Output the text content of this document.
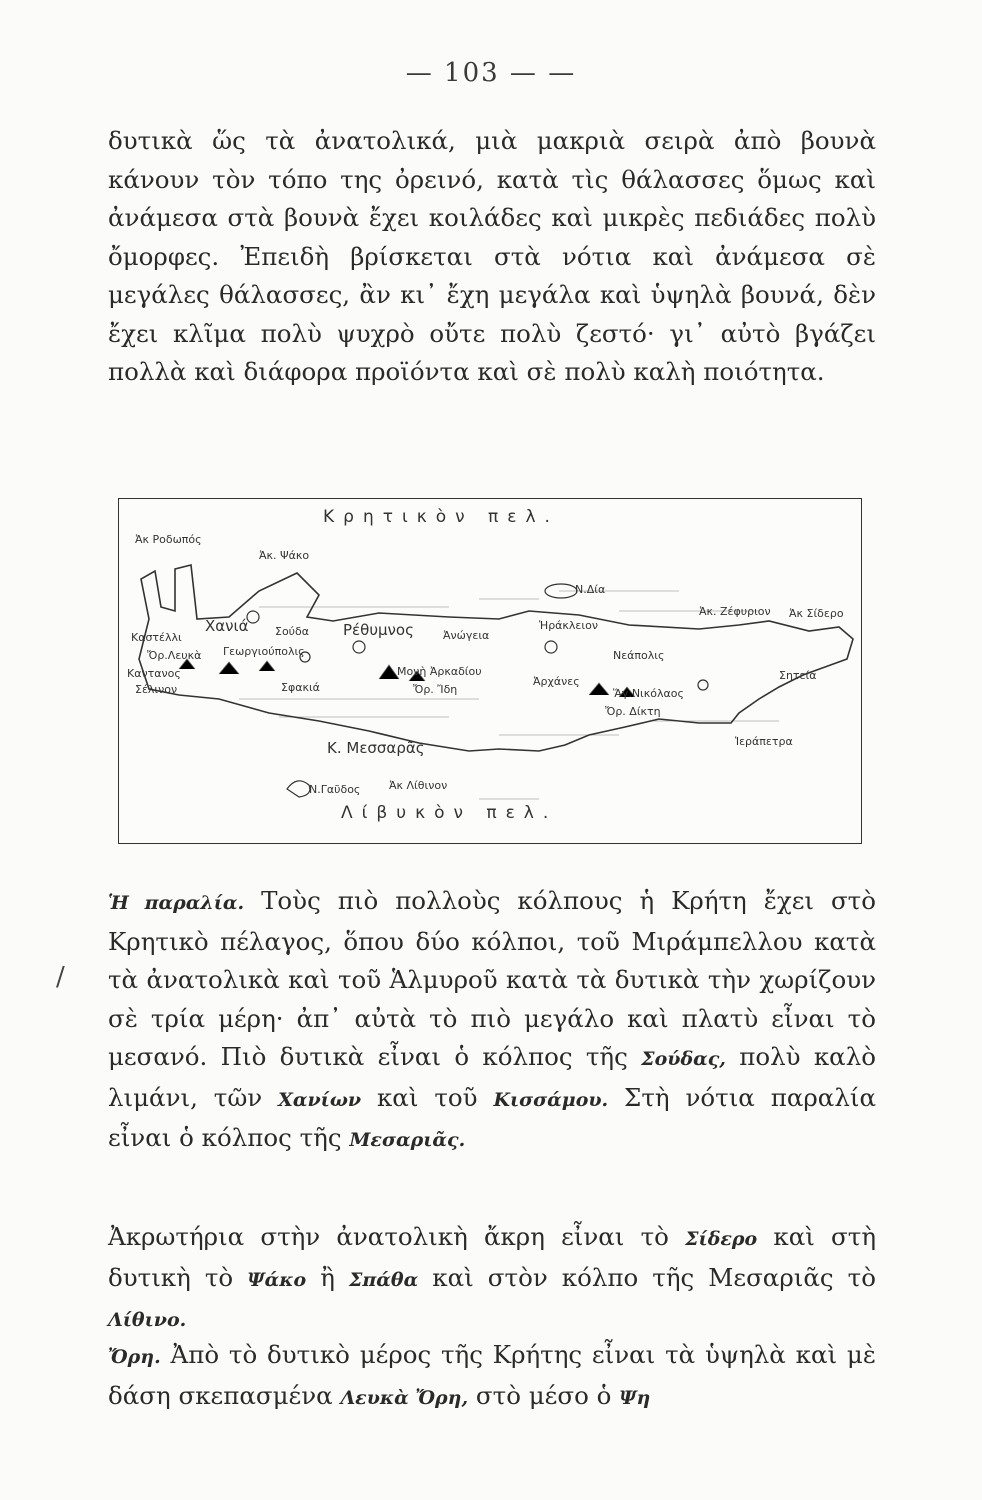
— 103 — —

δυτικὰ ὥς τὰ ἀνατολικά, μιὰ μακριὰ σειρὰ ἀπὸ βουνὰ κάνουν τὸν τόπο της ὀρεινό, κατὰ τὶς θάλασσες ὅμως καὶ ἀνάμεσα στὰ βουνὰ ἔχει κοιλάδες καὶ μικρὲς πεδιάδες πολὺ ὄμορφες. Ἐπειδὴ βρίσκεται στὰ νότια καὶ ἀνάμεσα σὲ μεγάλες θάλασσες, ἂν κι᾿ ἔχη μεγάλα καὶ ὑψηλὰ βουνά, δὲν ἔχει κλῖμα πολὺ ψυχρὸ οὔτε πολὺ ζεστό· γι᾿ αὐτὸ βγάζει πολλὰ καὶ διάφορα προϊόντα καὶ σὲ πολὺ καλὴ ποιότητα.

Κρητικὸν πελ.
Λίβυκὸν πελ.
Ἀκ Ροδωπός
Ἀκ. Ψάκο
Χανιά Σούδα
Καστέλλι
Ὄρ.Λευκὰ
Καντανος
Σέλινον
Γεωργιούπολις
Σφακιά
Ρέθυμνος	Ἀνώγεια
Μονὴ Ἀρκαδίου
Ὄρ. Ἴδη
Ν.Δία
Ἡράκλειον
Νεάπολις
Ἀρχάνες
Ἅγ.Νικόλαος
Ὄρ. Δίκτη
Ἀκ Σίδερο
Ἀκ. Ζέφυριον
Σητεία
Ἱεράπετρα
Κ. Μεσσαρᾶς
Ν.Γαῦδος	Ἀκ Λίθινον
/

Ἡ παραλία. Τοὺς πιὸ πολλοὺς κόλπους ἡ Κρήτη ἔχει στὸ Κρητικὸ πέλαγος, ὅπου δύο κόλποι, τοῦ Μιράμπελλου κατὰ τὰ ἀνατολικὰ καὶ τοῦ Ἁλμυροῦ κατὰ τὰ δυτικὰ τὴν χωρίζουν σὲ τρία μέρη· ἀπ᾿ αὐτὰ τὸ πιὸ μεγάλο καὶ πλατὺ εἶναι τὸ μεσανό. Πιὸ δυτικὰ εἶναι ὁ κόλπος τῆς Σούδας, πολὺ καλὸ λιμάνι, τῶν Χανίων καὶ τοῦ Κισσάμου. Στὴ νότια παραλία εἶναι ὁ κόλπος τῆς Μεσαριᾶς.

Ἀκρωτήρια στὴν ἀνατολικὴ ἄκρη εἶναι τὸ Σίδερο καὶ στὴ δυτικὴ τὸ Ψάκο ἢ Σπάθα καὶ στὸν κόλπο τῆς Μεσαριᾶς τὸ Λίθινο.

Ὄρη. Ἀπὸ τὸ δυτικὸ μέρος τῆς Κρήτης εἶναι τὰ ὑψηλὰ καὶ μὲ δάση σκεπασμένα Λευκὰ Ὄρη, στὸ μέσο ὁ Ψη
